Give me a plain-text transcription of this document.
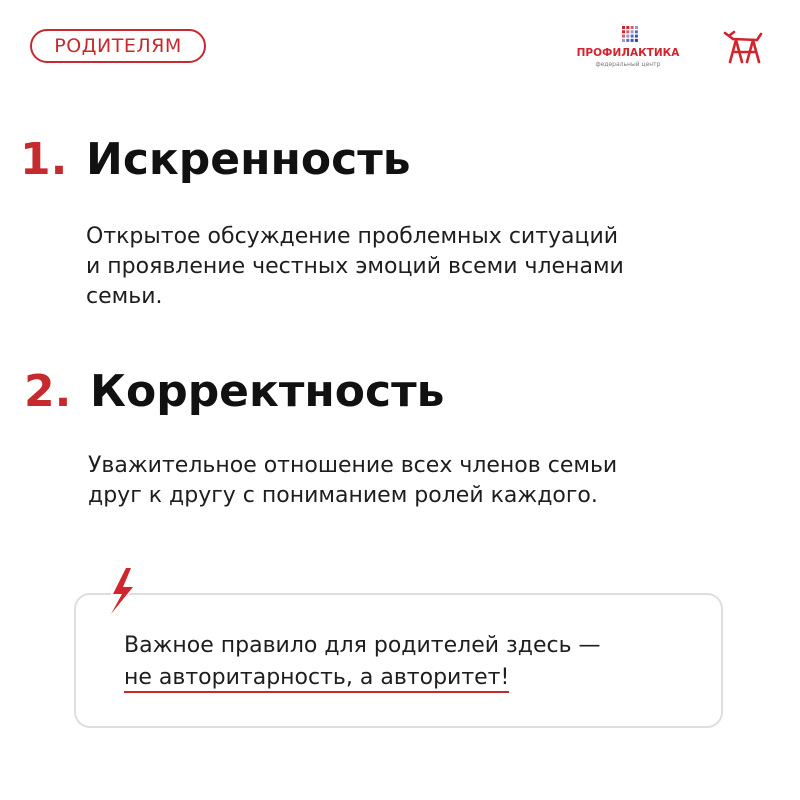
РОДИТЕЛЯМ	ПРОФИЛАКТИКА
федеральный центр
1. Искренность
Открытое обсуждение проблемных ситуаций
и проявление честных эмоций всеми членами
семьи.
2. Корректность
Уважительное отношение всех членов семьи
друг к другу с пониманием ролей каждого.
Важное правило для родителей здесь —
не авторитарность, а авторитет!
